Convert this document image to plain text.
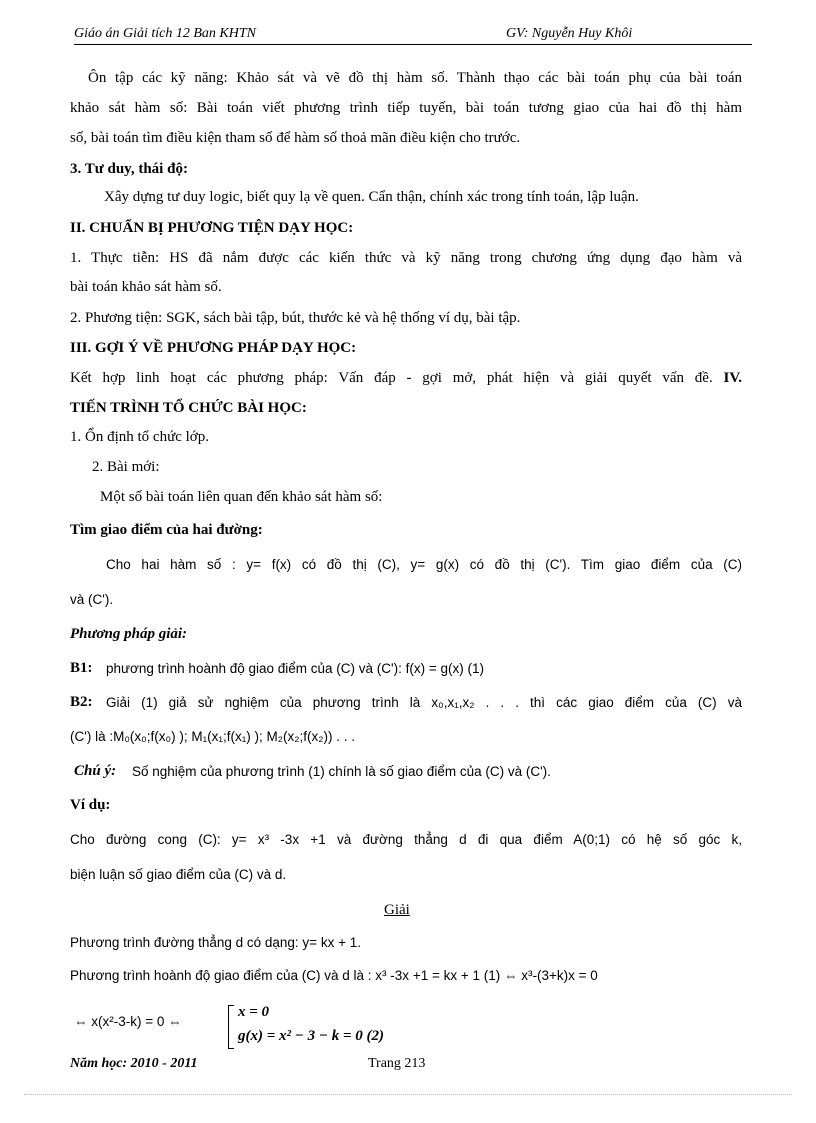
Giáo án Giải tích 12 Ban KHTN	GV: Nguyễn Huy Khôi
Ôn tập các kỹ năng: Khảo sát và vẽ đồ thị hàm số. Thành thạo các bài toán phụ của bài toán
khảo sát hàm số: Bài toán viết phương trình tiếp tuyến, bài toán tương giao của hai đồ thị hàm
số, bài toán tìm điều kiện tham số để hàm số thoả mãn điều kiện cho trước.
3. Tư duy, thái độ:
Xây dựng tư duy logic, biết quy lạ về quen. Cẩn thận, chính xác trong tính toán, lập luận.
II. CHUẨN BỊ PHƯƠNG TIỆN DẠY HỌC:
1. Thực tiễn: HS đã nắm được các kiến thức và kỹ năng trong chương ứng dụng đạo hàm và
bài toán khảo sát hàm số.
2. Phương tiện: SGK, sách bài tập, bút, thước kẻ và hệ thống ví dụ, bài tập.
III. GỢI Ý VỀ PHƯƠNG PHÁP DẠY HỌC:
Kết hợp linh hoạt các phương pháp: Vấn đáp - gợi mở, phát hiện và giải quyết vấn đề. IV.
TIẾN TRÌNH TỔ CHỨC BÀI HỌC:
1. Ổn định tổ chức lớp.
2. Bài mới:
Một số bài toán liên quan đến khảo sát hàm số:
Tìm giao điểm của hai đường:
Cho hai hàm số : y= f(x) có đồ thị (C), y= g(x) có đồ thị (C'). Tìm giao điểm của (C)
và (C').
Phương pháp giải:
B1: phương trình hoành độ giao điểm của (C) và (C'): f(x) = g(x) (1)
B2: Giải (1) giả sử nghiệm của phương trình là x₀,x₁,x₂ . . . thì các giao điểm của (C) và
(C') là :M₀(x₀;f(x₀) ); M₁(x₁;f(x₁) ); M₂(x₂;f(x₂)) . . .
Chú ý: Số nghiệm của phương trình (1) chính là số giao điểm của (C) và (C').
Ví dụ:
Cho đường cong (C): y= x³ -3x +1 và đường thẳng d đi qua điểm A(0;1) có hệ số góc k,
biện luận số giao điểm của (C) và d.
Giải
Phương trình đường thẳng d có dạng: y= kx + 1.
Phương trình hoành độ giao điểm của (C) và d là : x³ -3x +1 = kx + 1 (1) ⇔ x³-(3+k)x = 0
⇔ x(x²-3-k) = 0 ⇔
x = 0
g(x) = x² − 3 − k = 0 (2)
Năm học: 2010 - 2011	Trang 213
